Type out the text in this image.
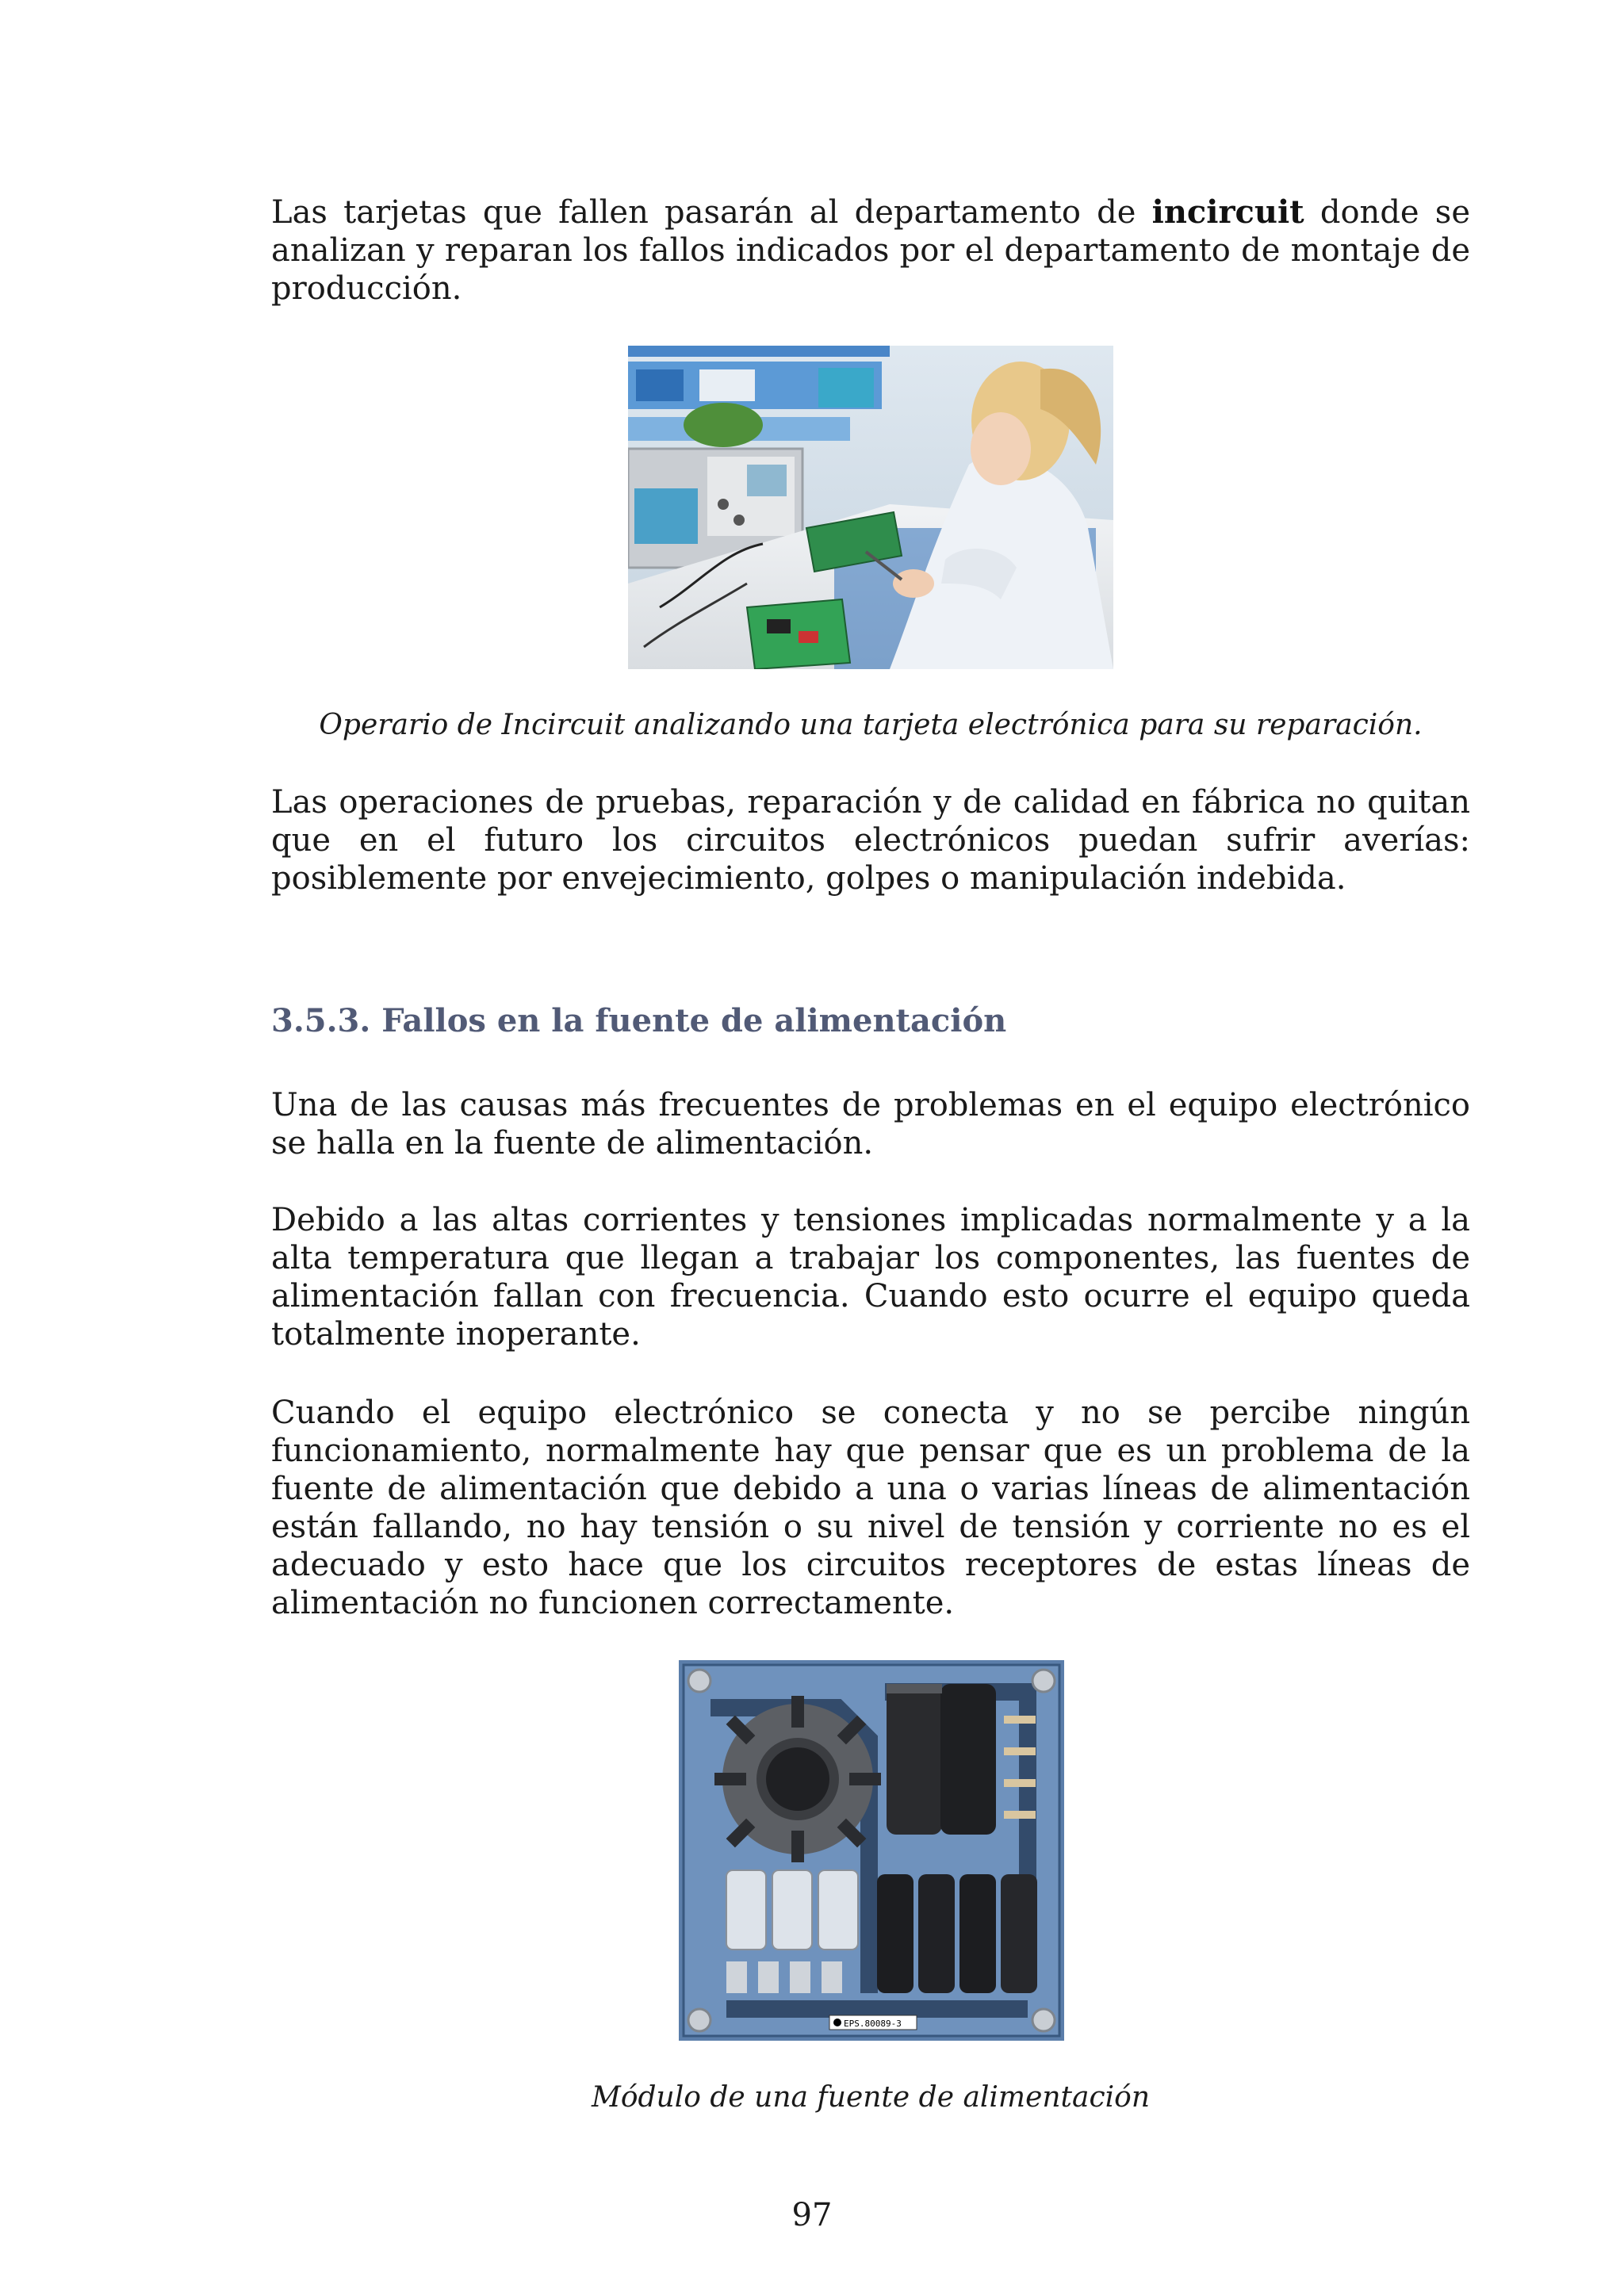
Las tarjetas que fallen pasarán al departamento de incircuit donde se analizan y reparan los fallos indicados por el departamento de montaje de producción.

Operario de Incircuit analizando una tarjeta electrónica para su reparación.

Las operaciones de pruebas, reparación y de calidad en fábrica no quitan que en el futuro los circuitos electrónicos puedan sufrir averías: posiblemente por envejecimiento, golpes o manipulación indebida.

3.5.3. Fallos en la fuente de alimentación

Una de las causas más frecuentes de problemas en el equipo electrónico se halla en la fuente de alimentación.

Debido a las altas corrientes y tensiones implicadas normalmente y a la alta temperatura que llegan a trabajar los componentes, las fuentes de alimentación fallan con frecuencia. Cuando esto ocurre el equipo queda totalmente inoperante.

Cuando el equipo electrónico se conecta y no se percibe ningún funcionamiento, normalmente hay que pensar que es un problema de la fuente de alimentación que debido a una o varias líneas de alimentación están fallando, no hay tensión o su nivel de tensión y corriente no es el adecuado y esto hace que los circuitos receptores de estas líneas de alimentación no funcionen correctamente.

EPS.80089-3

Módulo de una fuente de alimentación

97
